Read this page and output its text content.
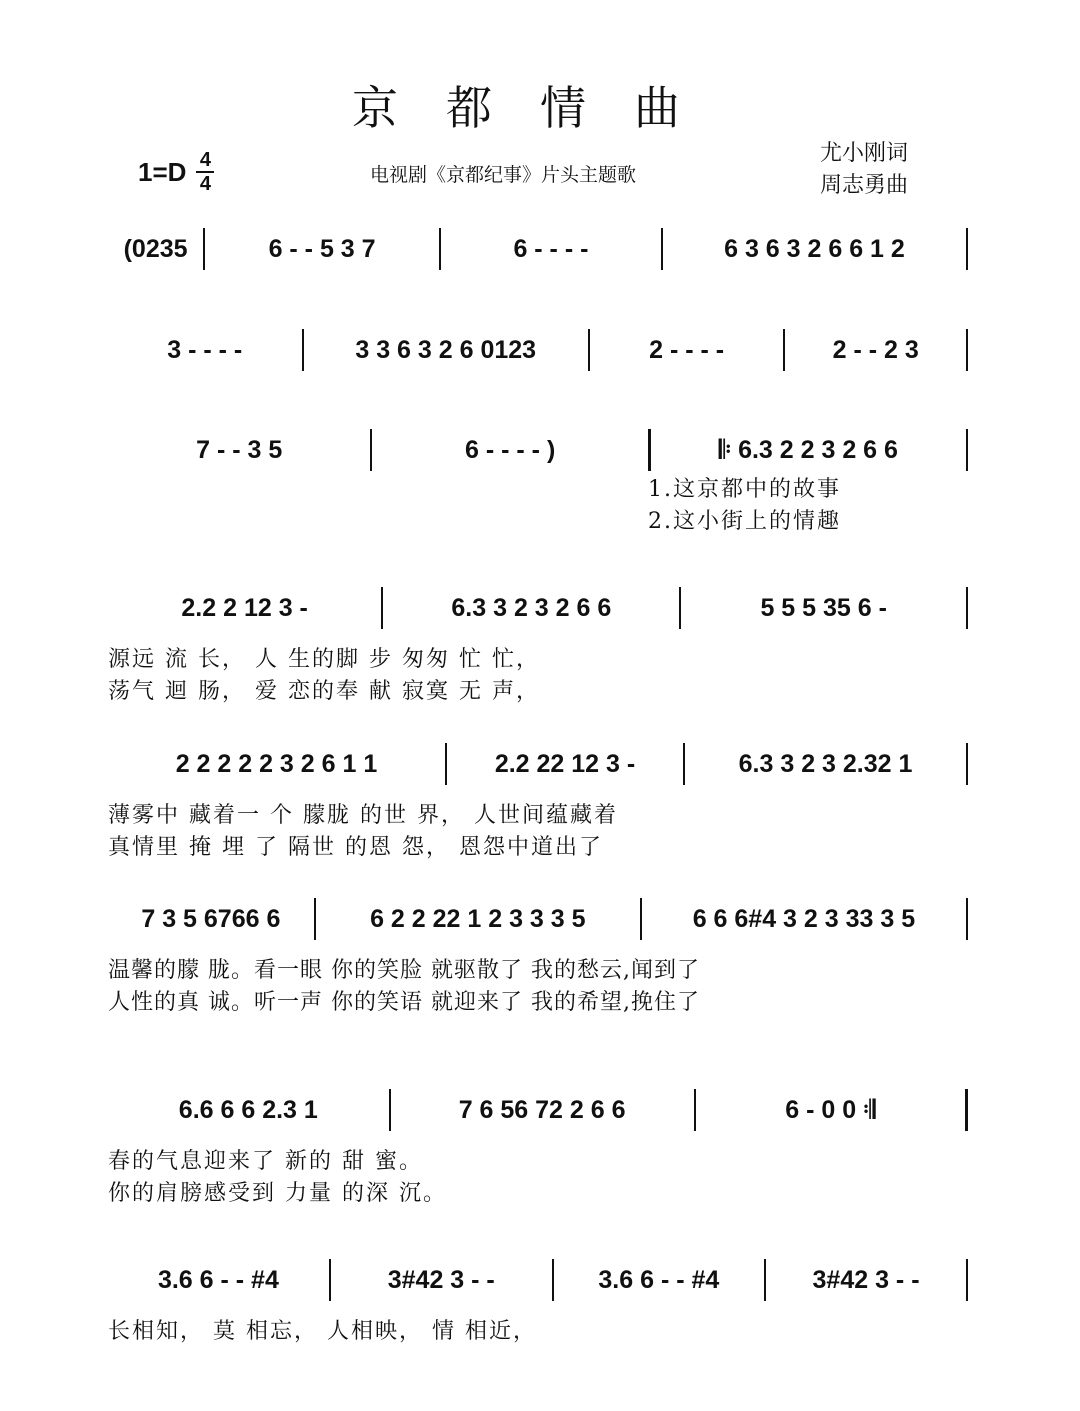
京都情曲
1=D 4
4	电视剧《京都纪事》片头主题歌
尤小刚词
周志勇曲
(0235	6 - - 5 3 7	6 - - - -	6 3 6 3 2 6 6 1 2
3 - - - -	3 3 6 3 2 6 0123	2 - - - -	2 - - 2 3
7 - - 3 5	6 - - - - )	𝄆 6.3 2 2 3 2 6 6
1.这京都中的故事
2.这小街上的情趣
2.2 2 12 3 -	6.3 3 2 3 2 6 6	5 5 5 35 6 -
源远 流 长， 人 生的脚 步 匆匆 忙 忙，
荡气 迴 肠， 爱 恋的奉 献 寂寞 无 声，
2 2 2 2 2 3 2 6 1 1	2.2 22 12 3 -	6.3 3 2 3 2.32 1
薄雾中 藏着一 个 朦胧 的世 界， 人世间蕴藏着
真情里 掩 埋 了 隔世 的恩 怨， 恩怨中道出了
7 3 5 6766 6	6 2 2 22 1 2 3 3 3 5	6 6 6#4 3 2 3 33 3 5
温馨的朦 胧。看一眼 你的笑脸 就驱散了 我的愁云,闻到了
人性的真 诚。听一声 你的笑语 就迎来了 我的希望,挽住了
6.6 6 6 2.3 1	7 6 56 72 2 6 6	6 - 0 0 𝄇
春的气息迎来了 新的 甜 蜜。
你的肩膀感受到 力量 的深 沉。
3.6 6 - - #4	3#42 3 - -	3.6 6 - - #4	3#42 3 - -
长相知， 莫 相忘， 人相映， 情 相近，
